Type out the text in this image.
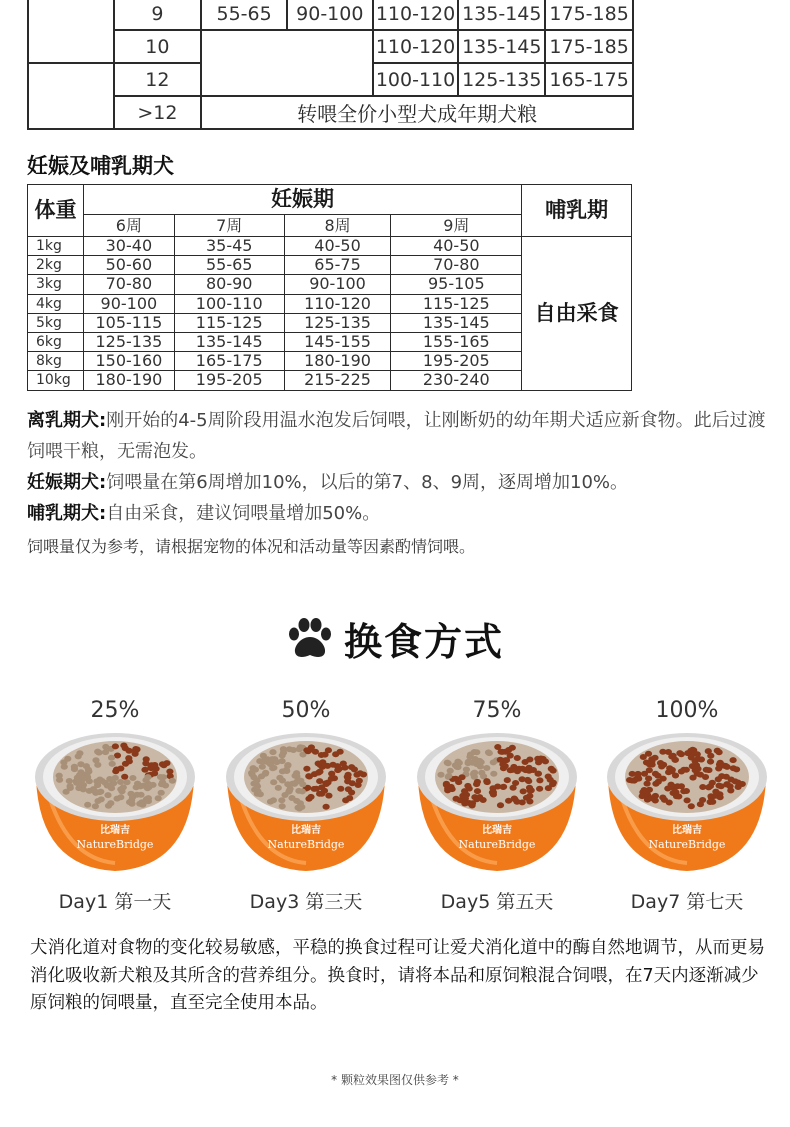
	9	55-65	90-100	110-120	135-145	175-185
	10			110-120	135-145	175-185
	12			100-110	125-135	165-175
	>12	转喂全价小型犬成年期犬粮				
妊娠及哺乳期犬
体重	妊娠期				哺乳期
	6周	7周	8周	9周	
1kg	30-40	35-45	40-50	40-50	自由采食
2kg	50-60	55-65	65-75	70-80	
3kg	70-80	80-90	90-100	95-105	
4kg	90-100	100-110	110-120	115-125	
5kg	105-115	115-125	125-135	135-145	
6kg	125-135	135-145	145-155	155-165	
8kg	150-160	165-175	180-190	195-205	
10kg	180-190	195-205	215-225	230-240	
离乳期犬:刚开始的4-5周阶段用温水泡发后饲喂，让刚断奶的幼年期犬适应新食物。此后过渡饲喂干粮，无需泡发。
妊娠期犬:饲喂量在第6周增加10%，以后的第7、8、9周，逐周增加10%。
哺乳期犬:自由采食，建议饲喂量增加50%。
饲喂量仅为参考，请根据宠物的体况和活动量等因素酌情饲喂。
换食方式
25%
比瑞吉
NatureBridge
Day1 第一天
50%
比瑞吉
NatureBridge
Day3 第三天
75%
比瑞吉
NatureBridge
Day5 第五天
100%
比瑞吉
NatureBridge
Day7 第七天
犬消化道对食物的变化较易敏感，平稳的换食过程可让爱犬消化道中的酶自然地调节，从而更易消化吸收新犬粮及其所含的营养组分。换食时，请将本品和原饲粮混合饲喂，在7天内逐渐减少原饲粮的饲喂量，直至完全使用本品。
* 颗粒效果图仅供参考 *
